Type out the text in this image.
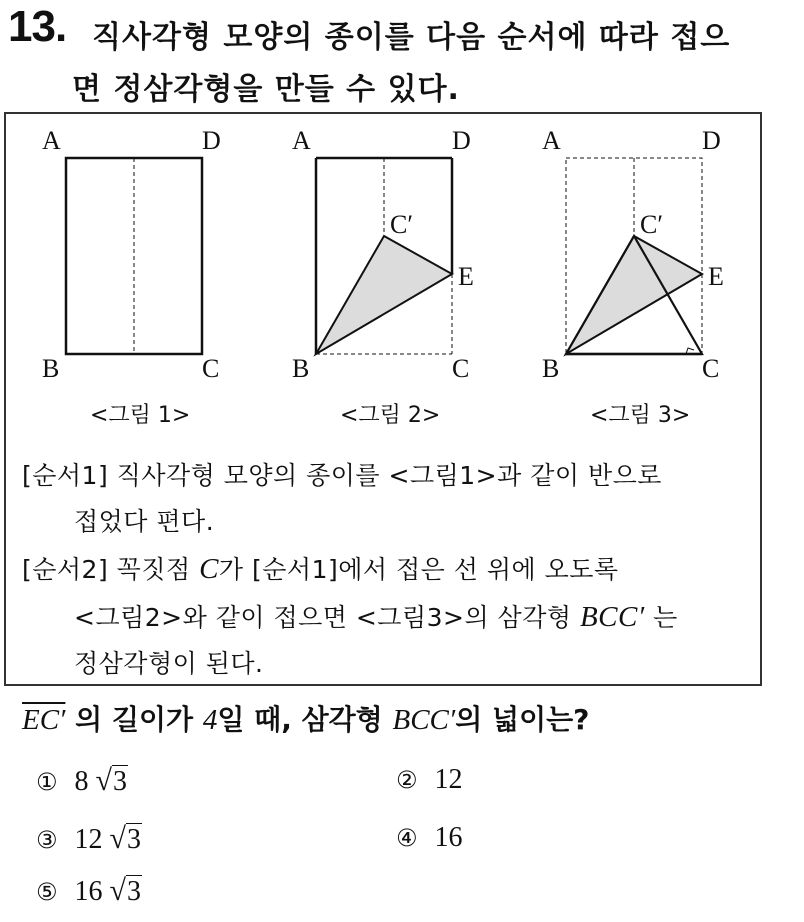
13. 직사각형 모양의 종이를 다음 순서에 따라 접으
면 정삼각형을 만들 수 있다.
A	D
B	C
<그림 1>
A	D
C′
E
B	C
<그림 2>
A	D
C′
E
B	C
<그림 3>
[순서1] 직사각형 모양의 종이를 <그림1>과 같이 반으로
접었다 편다.
[순서2] 꼭짓점 C가 [순서1]에서 접은 선 위에 오도록
<그림2>와 같이 접으면 <그림3>의 삼각형 BCC′ 는
정삼각형이 된다.
EC′ 의 길이가 4일 때, 삼각형 BCC′의 넓이는?
① 8 √3	② 12
③ 12 √3	④ 16
⑤ 16 √3
